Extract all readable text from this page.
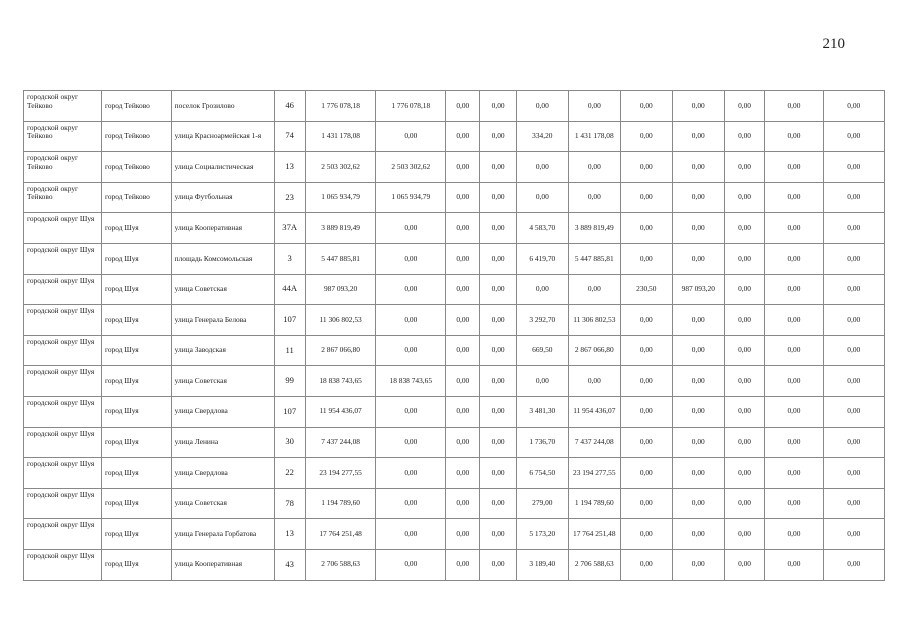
210
городской округ Тейково	город Тейково	поселок Грозилово	46	1 776 078,18	1 776 078,18	0,00	0,00	0,00	0,00	0,00	0,00	0,00	0,00	0,00
городской округ Тейково	город Тейково	улица Красноармейская 1-я	74	1 431 178,08	0,00	0,00	0,00	334,20	1 431 178,08	0,00	0,00	0,00	0,00	0,00
городской округ Тейково	город Тейково	улица Социалистическая	13	2 503 302,62	2 503 302,62	0,00	0,00	0,00	0,00	0,00	0,00	0,00	0,00	0,00
городской округ Тейково	город Тейково	улица Футбольная	23	1 065 934,79	1 065 934,79	0,00	0,00	0,00	0,00	0,00	0,00	0,00	0,00	0,00
городской округ Шуя	город Шуя	улица Кооперативная	37А	3 889 819,49	0,00	0,00	0,00	4 583,70	3 889 819,49	0,00	0,00	0,00	0,00	0,00
городской округ Шуя	город Шуя	площадь Комсомольская	3	5 447 885,81	0,00	0,00	0,00	6 419,70	5 447 885,81	0,00	0,00	0,00	0,00	0,00
городской округ Шуя	город Шуя	улица Советская	44А	987 093,20	0,00	0,00	0,00	0,00	0,00	230,50	987 093,20	0,00	0,00	0,00
городской округ Шуя	город Шуя	улица Генерала Белова	107	11 306 802,53	0,00	0,00	0,00	3 292,70	11 306 802,53	0,00	0,00	0,00	0,00	0,00
городской округ Шуя	город Шуя	улица Заводская	11	2 867 066,80	0,00	0,00	0,00	669,50	2 867 066,80	0,00	0,00	0,00	0,00	0,00
городской округ Шуя	город Шуя	улица Советская	99	18 838 743,65	18 838 743,65	0,00	0,00	0,00	0,00	0,00	0,00	0,00	0,00	0,00
городской округ Шуя	город Шуя	улица Свердлова	107	11 954 436,07	0,00	0,00	0,00	3 481,30	11 954 436,07	0,00	0,00	0,00	0,00	0,00
городской округ Шуя	город Шуя	улица Ленина	30	7 437 244,08	0,00	0,00	0,00	1 736,70	7 437 244,08	0,00	0,00	0,00	0,00	0,00
городской округ Шуя	город Шуя	улица Свердлова	22	23 194 277,55	0,00	0,00	0,00	6 754,50	23 194 277,55	0,00	0,00	0,00	0,00	0,00
городской округ Шуя	город Шуя	улица Советская	78	1 194 789,60	0,00	0,00	0,00	279,00	1 194 789,60	0,00	0,00	0,00	0,00	0,00
городской округ Шуя	город Шуя	улица Генерала Горбатова	13	17 764 251,48	0,00	0,00	0,00	5 173,20	17 764 251,48	0,00	0,00	0,00	0,00	0,00
городской округ Шуя	город Шуя	улица Кооперативная	43	2 706 588,63	0,00	0,00	0,00	3 189,40	2 706 588,63	0,00	0,00	0,00	0,00	0,00
